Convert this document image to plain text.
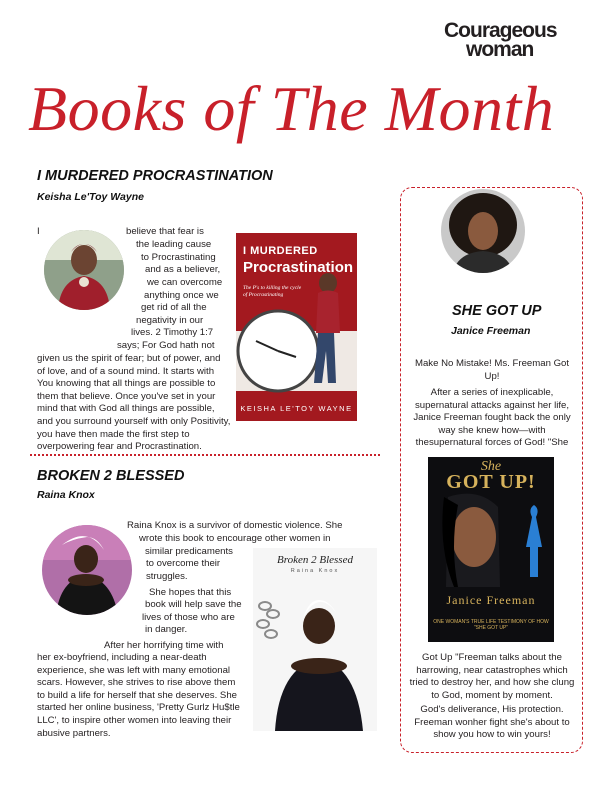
Courageous
woman
Books of The Month
I MURDERED PROCRASTINATION
Keisha Le'Toy Wayne
I	believe that fear is
the leading cause
to Procrastinating
and as a believer,
we can overcome
anything once we
get rid of all the
negativity in our
lives. 2 Timothy 1:7
says; For God hath not
given us the spirit of fear; but of power, and of love, and of a sound mind. It starts with You knowing that all things are possible to them that believe. Once you've set in your mind that with God all things are possible, and you surround yourself with only Positivity, you have then made the first step to overpowering fear and Procrastination.
I MURDERED
Procrastination
The P's to killing the cycle of Procrastinating
KEISHA LE'TOY WAYNE
BROKEN 2 BLESSED
Raina Knox
Raina Knox is a survivor of domestic violence. She
wrote this book to encourage other women in
similar predicaments
to overcome their
struggles.
She hopes that this
book will help save the
lives of those who are
in danger.
After her horrifying time with
her ex-boyfriend, including a near-death experience, she was left with many emotional scars. However, she strives to rise above them to build a life for herself that she deserves. She started her online business, 'Pretty Gurlz Hu$tle LLC', to inspire other women into leaving their abusive partners.
Broken 2 Blessed
Raina Knox
SHE GOT UP
Janice Freeman
Make No Mistake! Ms. Freeman Got Up!
After a series of inexplicable, supernatural attacks against her life, Janice Freeman fought back the only way she knew how—with thesupernatural forces of God! "She
She
GOT UP!
Janice Freeman
ONE WOMAN'S TRUE LIFE TESTIMONY OF HOW "SHE GOT UP"
Got Up "Freeman talks about the harrowing, near catastrophes which tried to destroy her, and how she clung to God, moment by moment.
God's deliverance, His protection. Freeman wonher fight she's about to show you how to win yours!
